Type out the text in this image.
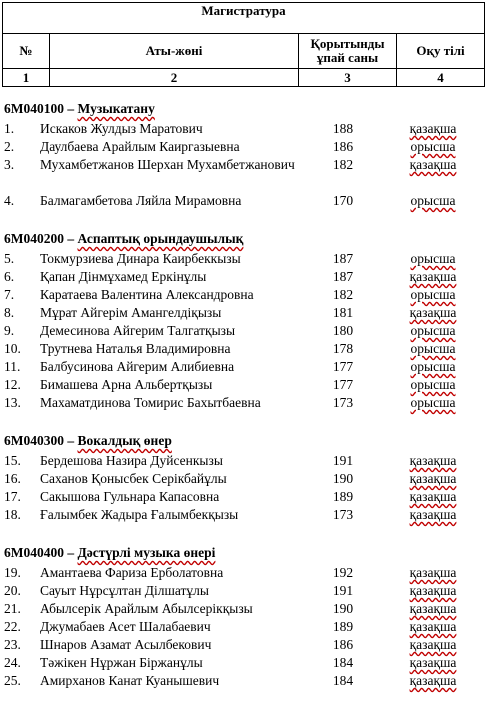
Магистратура			
№	Аты-жөні	Қорытынды ұпай саны	Оқу тілі
1	2	3	4
6М040100 – Музыкатану
1. Искаков Жулдыз Маратович	188	қазақша
2. Даулбаева Арайлым Каиргазыевна	186	орысша
3. Мухамбетжанов Шерхан Мухамбетжанович	182	қазақша
4. Балмагамбетова Ляйла Мирамовна	170	орысша
6М040200 – Аспаптық орындаушылық
5. Токмурзиева Динара Каирбеккызы	187	орысша
6. Қапан Дінмұхамед Еркінұлы	187	қазақша
7. Каратаева Валентина Александровна	182	орысша
8. Мұрат Айгерім Амангелдіқызы	181	қазақша
9. Демесинова Айгерим Талгатқызы	180	орысша
10. Трутнева Наталья Владимировна	178	орысша
11. Балбусинова Айгерим Алибиевна	177	орысша
12. Бимашева Арна Альбертқызы	177	орысша
13. Махаматдинова Томирис Бахытбаевна	173	орысша
6М040300 – Вокалдық өнер
15. Бердешова Назира Дуйсенкызы	191	қазақша
16. Саханов Қонысбек Серікбайұлы	190	қазақша
17. Сакышова Гульнара Капасовна	189	қазақша
18. Ғалымбек Жадыра Ғалымбекқызы	173	қазақша
6М040400 – Дәстүрлі музыка өнері
19. Амантаева Фариза Ерболатовна	192	қазақша
20. Сауыт Нұрсұлтан Ділшатұлы	191	қазақша
21. Абылсерік Арайлым Абылсерікқызы	190	қазақша
22. Джумабаев Асет Шалабаевич	189	қазақша
23. Шнаров Азамат Асылбекович	186	қазақша
24. Тәжікен Нұржан Біржанұлы	184	қазақша
25. Амирханов Канат Куанышевич	184	қазақша
